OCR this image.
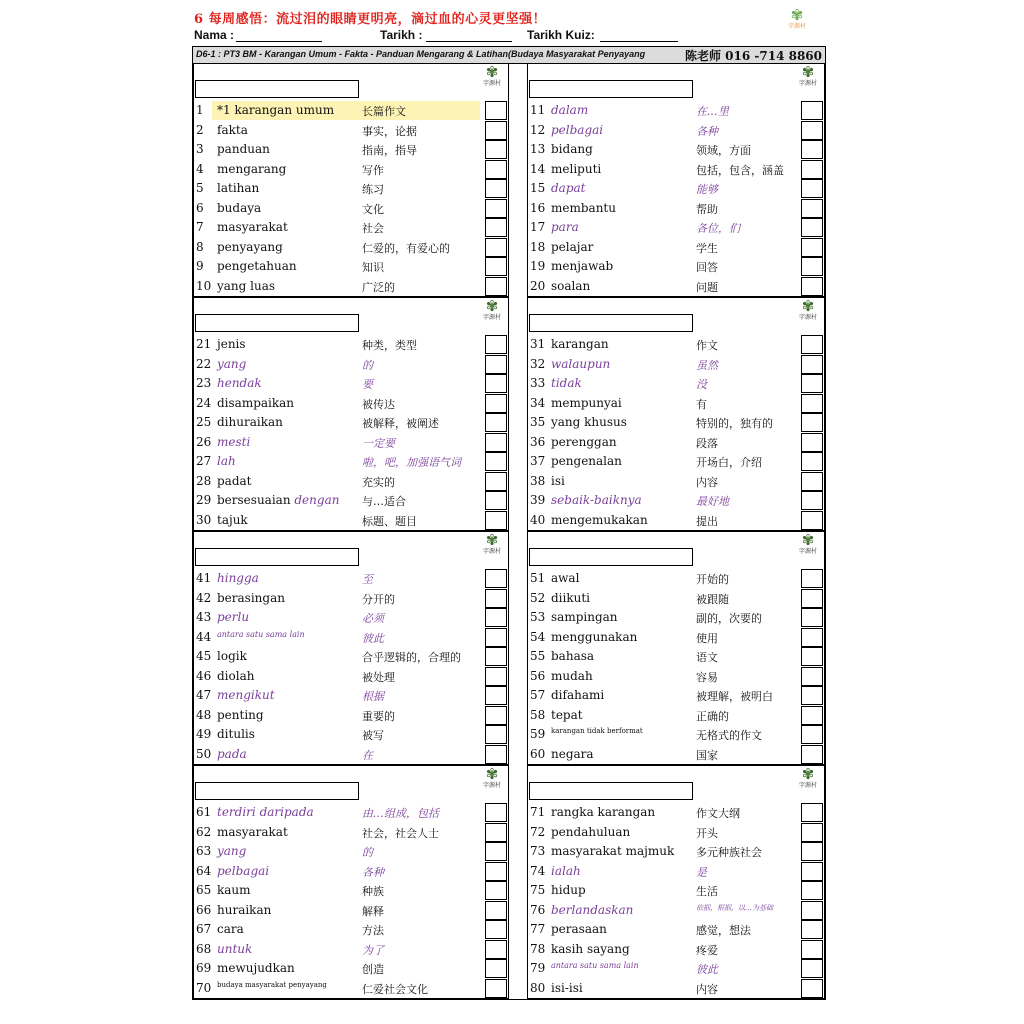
6 每周感悟：流过泪的眼睛更明亮，滴过血的心灵更坚强！	✾
字源村
Nama :	Tarikh :	Tarikh Kuiz:
D6-1 : PT3 BM - Karangan Umum - Fakta - Panduan Mengarang & Latihan(Budaya Masyarakat Penyayang	陈老师 016 -714 8860
✾
字源村
1 *1 karangan umum	长篇作文
2 fakta	事实，论据
3 panduan	指南，指导
4 mengarang	写作
5 latihan	练习
6 budaya	文化
7 masyarakat	社会
8 penyayang	仁爱的，有爱心的
9 pengetahuan	知识
10 yang luas	广泛的
✾
字源村
11 dalam	在…里
12 pelbagai	各种
13 bidang	领域，方面
14 meliputi	包括，包含，涵盖
15 dapat	能够
16 membantu	帮助
17 para	各位，们
18 pelajar	学生
19 menjawab	回答
20 soalan	问题
✾
字源村
21 jenis	种类，类型
22 yang	的
23 hendak	要
24 disampaikan	被传达
25 dihuraikan	被解释，被阐述
26 mesti	一定要
27 lah	啦，吧，加强语气词
28 padat	充实的
29 bersesuaian dengan 与…适合
30 tajuk	标题、题目
✾
字源村
31 karangan	作文
32 walaupun	虽然
33 tidak	没
34 mempunyai	有
35 yang khusus	特别的，独有的
36 perenggan	段落
37 pengenalan	开场白，介绍
38 isi	内容
39 sebaik-baiknya	最好地
40 mengemukakan	提出
✾
字源村
41 hingga	至
42 berasingan	分开的
43 perlu	必须
44 antara satu sama lain	彼此
45 logik	合乎逻辑的，合理的
46 diolah	被处理
47 mengikut	根据
48 penting	重要的
49 ditulis	被写
50 pada	在
✾
字源村
51 awal	开始的
52 diikuti	被跟随
53 sampingan	副的，次要的
54 menggunakan	使用
55 bahasa	语文
56 mudah	容易
57 difahami	被理解，被明白
58 tepat	正确的
59 karangan tidak berformat	无格式的作文
60 negara	国家
✾
字源村
61 terdiri daripada	由…组成，包括
62 masyarakat	社会，社会人士
63 yang	的
64 pelbagai	各种
65 kaum	种族
66 huraikan	解释
67 cara	方法
68 untuk	为了
69 mewujudkan	创造
70 budaya masyarakat penyayang	仁爱社会文化
✾
字源村
71 rangka karangan	作文大纲
72 pendahuluan	开头
73 masyarakat majmuk 多元种族社会
74 ialah	是
75 hidup	生活
76 berlandaskan	依据，根据，以…为基础
77 perasaan	感觉，想法
78 kasih sayang	疼爱
79 antara satu sama lain	彼此
80 isi-isi	内容
